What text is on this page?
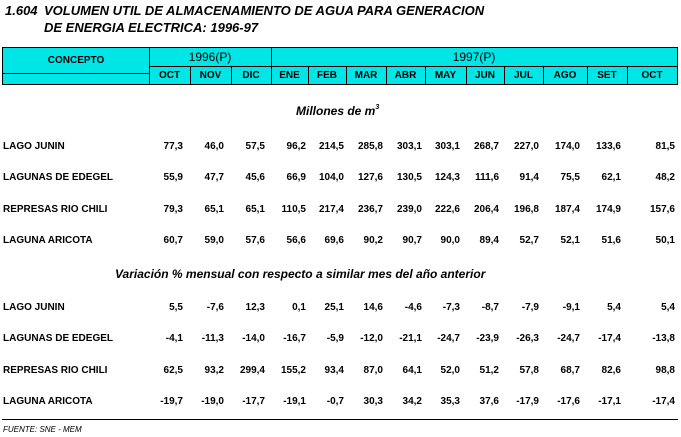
1.604 VOLUMEN UTIL DE ALMACENAMIENTO DE AGUA PARA GENERACION
DE ENERGIA ELECTRICA: 1996-97
CONCEPTO	1996(P)	1997(P)
OCT	NOV	DIC	ENE	FEB	MAR	ABR	MAY	JUN	JUL	AGO	SET	OCT
Millones de $m^3$
Variación % mensual con respecto a similar mes del año anterior
LAGO JUNIN	77,3 46,0 57,5 96,2 214,5 285,8 303,1 303,1 268,7 227,0 174,0 133,6	81,5
LAGUNAS DE EDEGEL	55,9 47,7 45,6 66,9 104,0 127,6 130,5 124,3 111,6 91,4 75,5 62,1	48,2
REPRESAS RIO CHILI	79,3 65,1 65,1 110,5 217,4 236,7 239,0 222,6 206,4 196,8 187,4 174,9	157,6
LAGUNA ARICOTA	60,7 59,0 57,6 56,6 69,6 90,2 90,7 90,0 89,4 52,7 52,1 51,6	50,1
LAGO JUNIN	5,5 -7,6 12,3	0,1 25,1 14,6 -4,6 -7,3 -8,7 -7,9 -9,1	5,4	5,4
LAGUNAS DE EDEGEL	-4,1 -11,3 -14,0 -16,7 -5,9 -12,0 -21,1 -24,7 -23,9 -26,3 -24,7 -17,4	-13,8
REPRESAS RIO CHILI	62,5 93,2 299,4 155,2 93,4 87,0 64,1 52,0 51,2 57,8 68,7 82,6	98,8
LAGUNA ARICOTA	-19,7 -19,0 -17,7 -19,1 -0,7 30,3 34,2 35,3 37,6 -17,9 -17,6 -17,1	-17,4
FUENTE: SNE - MEM
